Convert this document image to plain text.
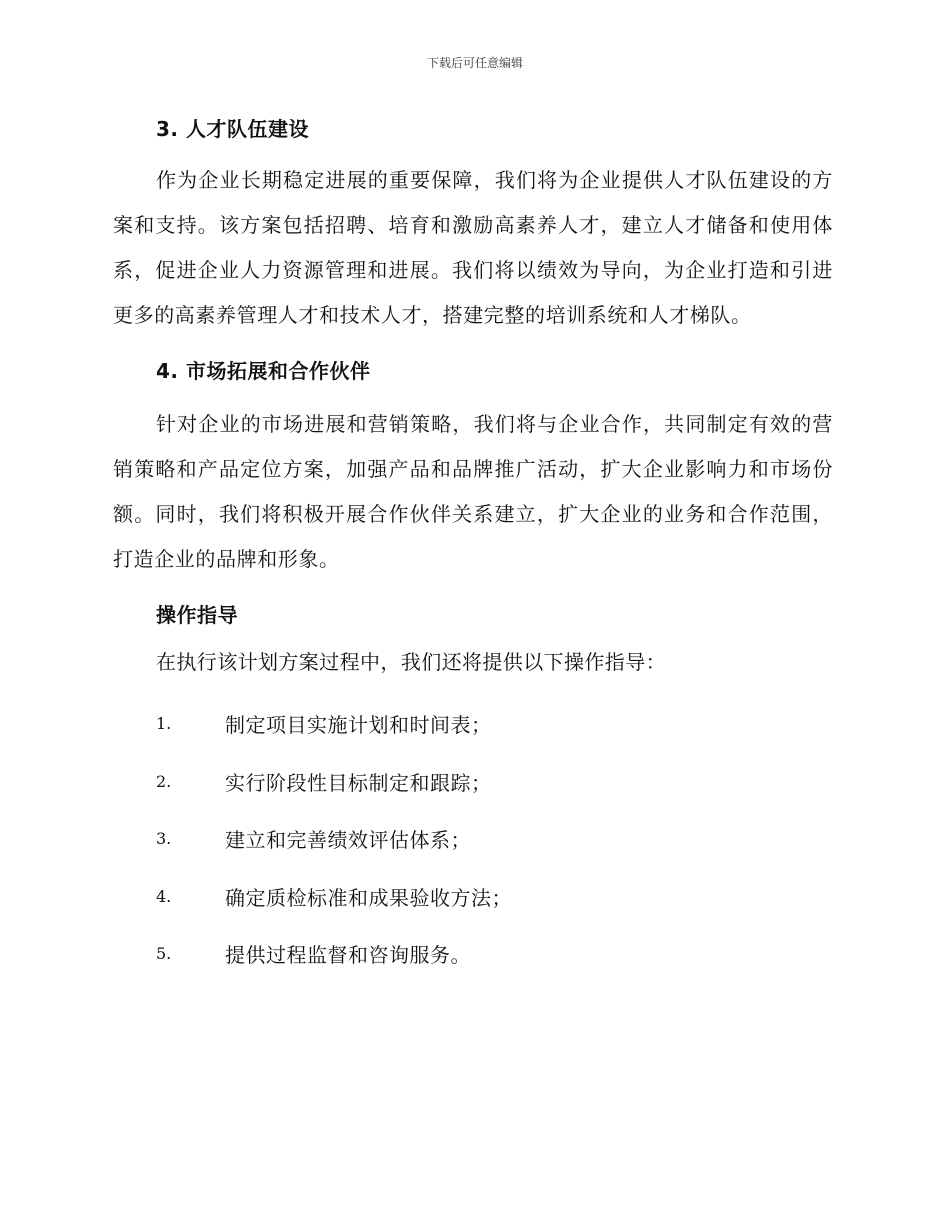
下载后可任意编辑
3. 人才队伍建设

作为企业长期稳定进展的重要保障，我们将为企业提供人才队伍建设的方案和支持。该方案包括招聘、培育和激励高素养人才，建立人才储备和使用体系，促进企业人力资源管理和进展。我们将以绩效为导向，为企业打造和引进更多的高素养管理人才和技术人才，搭建完整的培训系统和人才梯队。

4. 市场拓展和合作伙伴

针对企业的市场进展和营销策略，我们将与企业合作，共同制定有效的营销策略和产品定位方案，加强产品和品牌推广活动，扩大企业影响力和市场份额。同时，我们将积极开展合作伙伴关系建立，扩大企业的业务和合作范围，打造企业的品牌和形象。

操作指导

在执行该计划方案过程中，我们还将提供以下操作指导：

1.	制定项目实施计划和时间表；
2.	实行阶段性目标制定和跟踪；
3.	建立和完善绩效评估体系；
4.	确定质检标准和成果验收方法；
5.	提供过程监督和咨询服务。
